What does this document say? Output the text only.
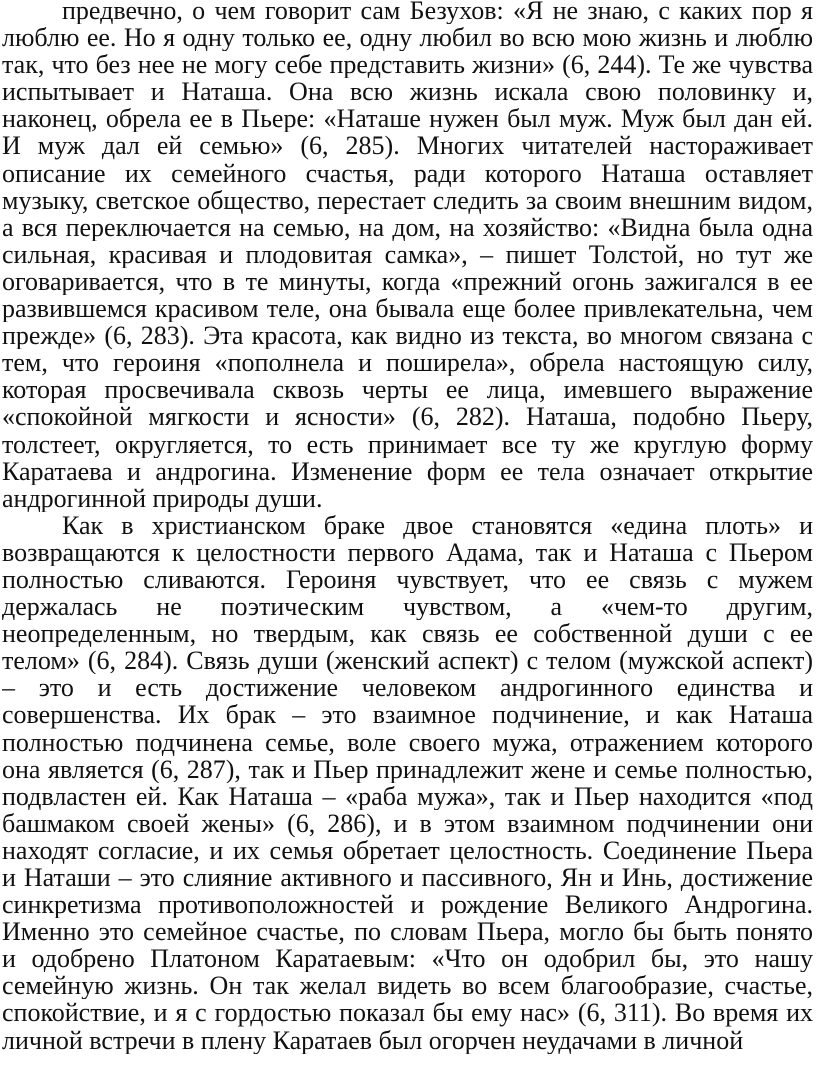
предвечно, о чем говорит сам Безухов: «Я не знаю, с каких пор я
люблю ее. Но я одну только ее, одну любил во всю мою жизнь и люблю
так, что без нее не могу себе представить жизни» (6, 244). Те же чувства
испытывает и Наташа. Она всю жизнь искала свою половинку и,
наконец, обрела ее в Пьере: «Наташе нужен был муж. Муж был дан ей.
И муж дал ей семью» (6, 285). Многих читателей настораживает
описание их семейного счастья, ради которого Наташа оставляет
музыку, светское общество, перестает следить за своим внешним видом,
а вся переключается на семью, на дом, на хозяйство: «Видна была одна
сильная, красивая и плодовитая самка», – пишет Толстой, но тут же
оговаривается, что в те минуты, когда «прежний огонь зажигался в ее
развившемся красивом теле, она бывала еще более привлекательна, чем
прежде» (6, 283). Эта красота, как видно из текста, во многом связана с
тем, что героиня «пополнела и поширела», обрела настоящую силу,
которая просвечивала сквозь черты ее лица, имевшего выражение
«спокойной мягкости и ясности» (6, 282). Наташа, подобно Пьеру,
толстеет, округляется, то есть принимает все ту же круглую форму
Каратаева и андрогина. Изменение форм ее тела означает открытие
андрогинной природы души.
Как в христианском браке двое становятся «едина плоть» и
возвращаются к целостности первого Адама, так и Наташа с Пьером
полностью сливаются. Героиня чувствует, что ее связь с мужем
держалась не поэтическим чувством, а «чем-то другим,
неопределенным, но твердым, как связь ее собственной души с ее
телом» (6, 284). Связь души (женский аспект) с телом (мужской аспект)
– это и есть достижение человеком андрогинного единства и
совершенства. Их брак – это взаимное подчинение, и как Наташа
полностью подчинена семье, воле своего мужа, отражением которого
она является (6, 287), так и Пьер принадлежит жене и семье полностью,
подвластен ей. Как Наташа – «раба мужа», так и Пьер находится «под
башмаком своей жены» (6, 286), и в этом взаимном подчинении они
находят согласие, и их семья обретает целостность. Соединение Пьера
и Наташи – это слияние активного и пассивного, Ян и Инь, достижение
синкретизма противоположностей и рождение Великого Андрогина.
Именно это семейное счастье, по словам Пьера, могло бы быть понято
и одобрено Платоном Каратаевым: «Что он одобрил бы, это нашу
семейную жизнь. Он так желал видеть во всем благообразие, счастье,
спокойствие, и я с гордостью показал бы ему нас» (6, 311). Во время их
личной встречи в плену Каратаев был огорчен неудачами в личной
